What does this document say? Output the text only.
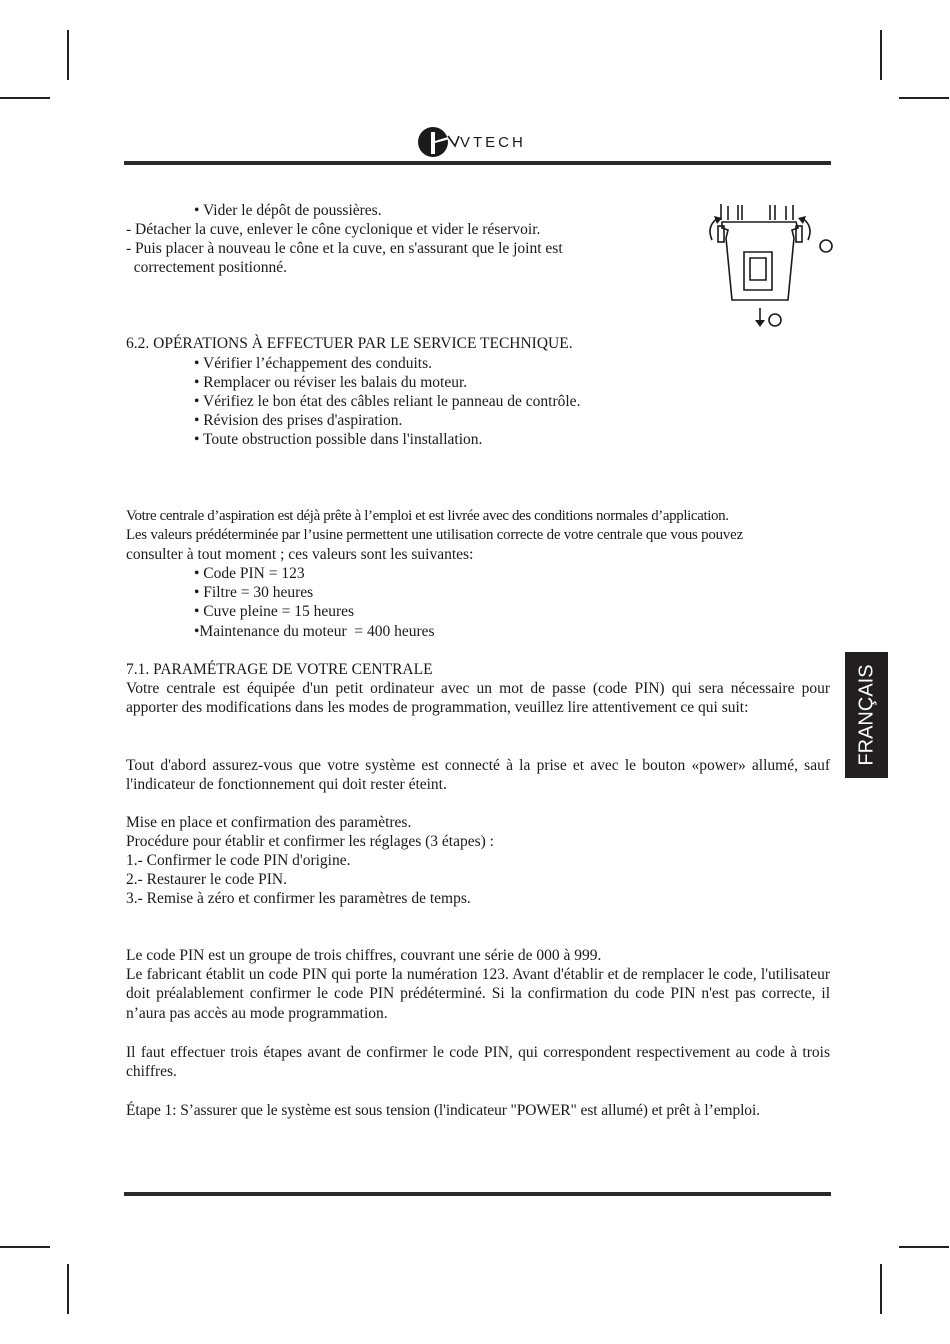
VTECH
• Vider le dépôt de poussières.
- Détacher la cuve, enlever le cône cyclonique et vider le réservoir.
- Puis placer à nouveau le cône et la cuve, en s'assurant que le joint est
correctement positionné.
6.2. OPÉRATIONS À EFFECTUER PAR LE SERVICE TECHNIQUE.
• Vérifier l’échappement des conduits.
• Remplacer ou réviser les balais du moteur.
• Vérifiez le bon état des câbles reliant le panneau de contrôle.
• Révision des prises d'aspiration.
• Toute obstruction possible dans l'installation.
Votre centrale d’aspiration est déjà prête à l’emploi et est livrée avec des conditions normales d’application.
Les valeurs prédéterminée par l’usine permettent une utilisation correcte de votre centrale que vous pouvez
consulter à tout moment ; ces valeurs sont les suivantes:
• Code PIN = 123
• Filtre = 30 heures
• Cuve pleine = 15 heures
•Maintenance du moteur  = 400 heures
7.1. PARAMÉTRAGE DE VOTRE CENTRALE
Votre centrale est équipée d'un petit ordinateur avec un mot de passe (code PIN) qui sera nécessaire pour apporter des modifications dans les modes de programmation, veuillez lire attentivement ce qui suit:
Tout d'abord assurez-vous que votre système est connecté à la prise et avec le bouton «power» allumé, sauf l'indicateur de fonctionnement qui doit rester éteint.
Mise en place et confirmation des paramètres.
Procédure pour établir et confirmer les réglages (3 étapes) :
1.- Confirmer le code PIN d'origine.
2.- Restaurer le code PIN.
3.- Remise à zéro et confirmer les paramètres de temps.
Le code PIN est un groupe de trois chiffres, couvrant une série de 000 à 999.
Le fabricant établit un code PIN qui porte la numération 123. Avant d'établir et de remplacer le code, l'utilisateur doit préalablement confirmer le code PIN prédéterminé. Si la confirmation du code PIN n'est pas correcte, il n’aura pas accès au mode programmation.
Il faut effectuer trois étapes avant de confirmer le code PIN, qui correspondent respectivement au code à trois chiffres.
Étape 1: S’assurer que le système est sous tension (l'indicateur "POWER" est allumé) et prêt à l’emploi.
FRANÇAIS
